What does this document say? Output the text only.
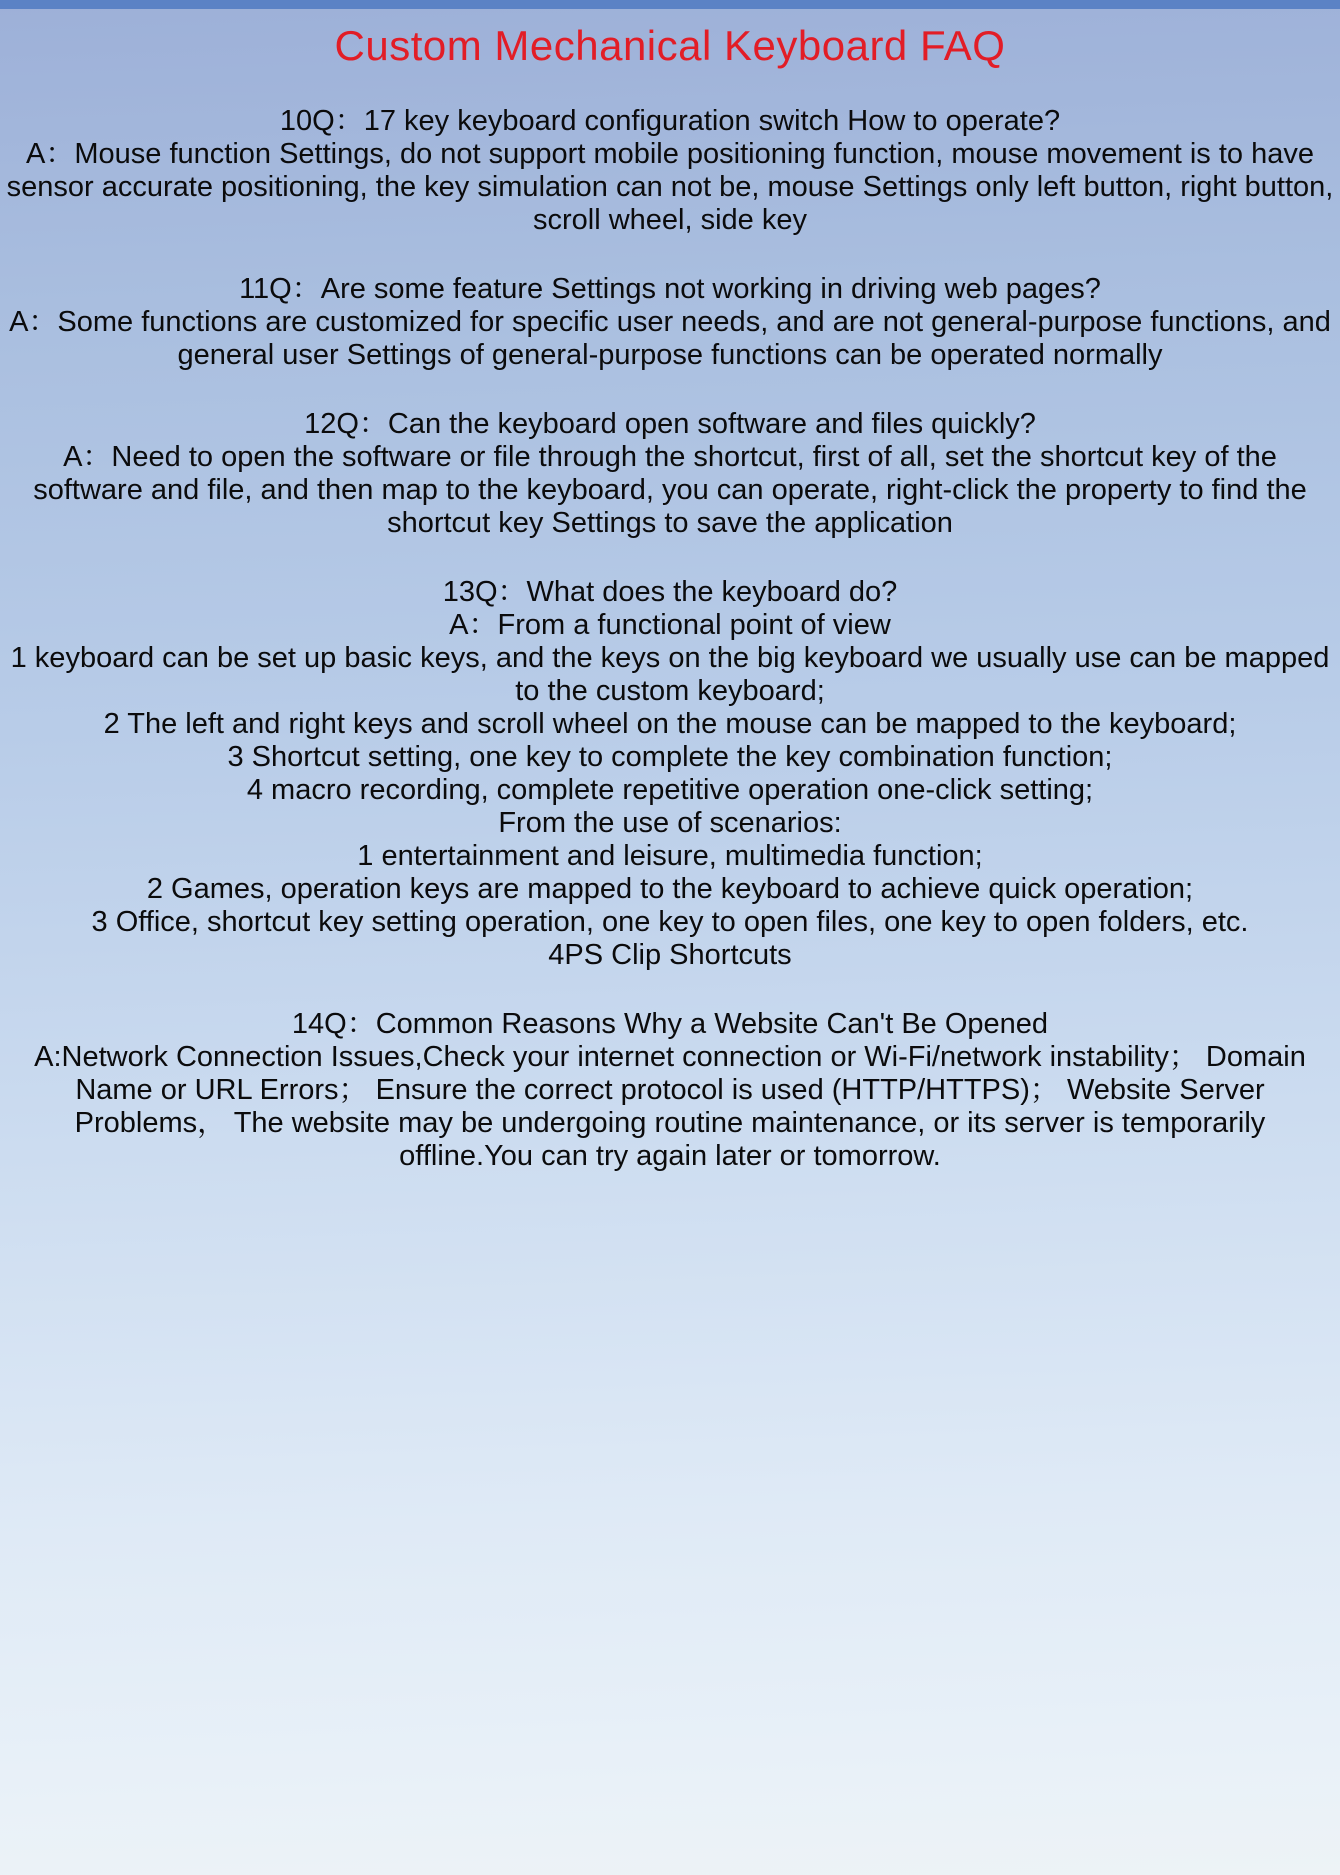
Custom Mechanical Keyboard FAQ

10Q：17 key keyboard configuration switch How to operate?

A：Mouse function Settings, do not support mobile positioning function, mouse movement is to have sensor accurate positioning, the key simulation can not be, mouse Settings only left button, right button, scroll wheel, side key

11Q：Are some feature Settings not working in driving web pages?

A：Some functions are customized for specific user needs, and are not general-purpose functions, and general user Settings of general-purpose functions can be operated normally

12Q：Can the keyboard open software and files quickly?

A：Need to open the software or file through the shortcut, first of all, set the shortcut key of the software and file, and then map to the keyboard, you can operate, right-click the property to find the shortcut key Settings to save the application

13Q：What does the keyboard do?

A：From a functional point of view

1 keyboard can be set up basic keys, and the keys on the big keyboard we usually use can be mapped to the custom keyboard;

2 The left and right keys and scroll wheel on the mouse can be mapped to the keyboard;

3 Shortcut setting, one key to complete the key combination function;

4 macro recording, complete repetitive operation one-click setting;

From the use of scenarios:

1 entertainment and leisure, multimedia function;

2 Games, operation keys are mapped to the keyboard to achieve quick operation;

3 Office, shortcut key setting operation, one key to open files, one key to open folders, etc.

4PS Clip Shortcuts

14Q：Common Reasons Why a Website Can't Be Opened

A:Network Connection Issues,Check your internet connection or Wi-Fi/network instability； Domain Name or URL Errors； Ensure the correct protocol is used (HTTP/HTTPS)； Website Server Problems， The website may be undergoing routine maintenance, or its server is temporarily offline.You can try again later or tomorrow.
